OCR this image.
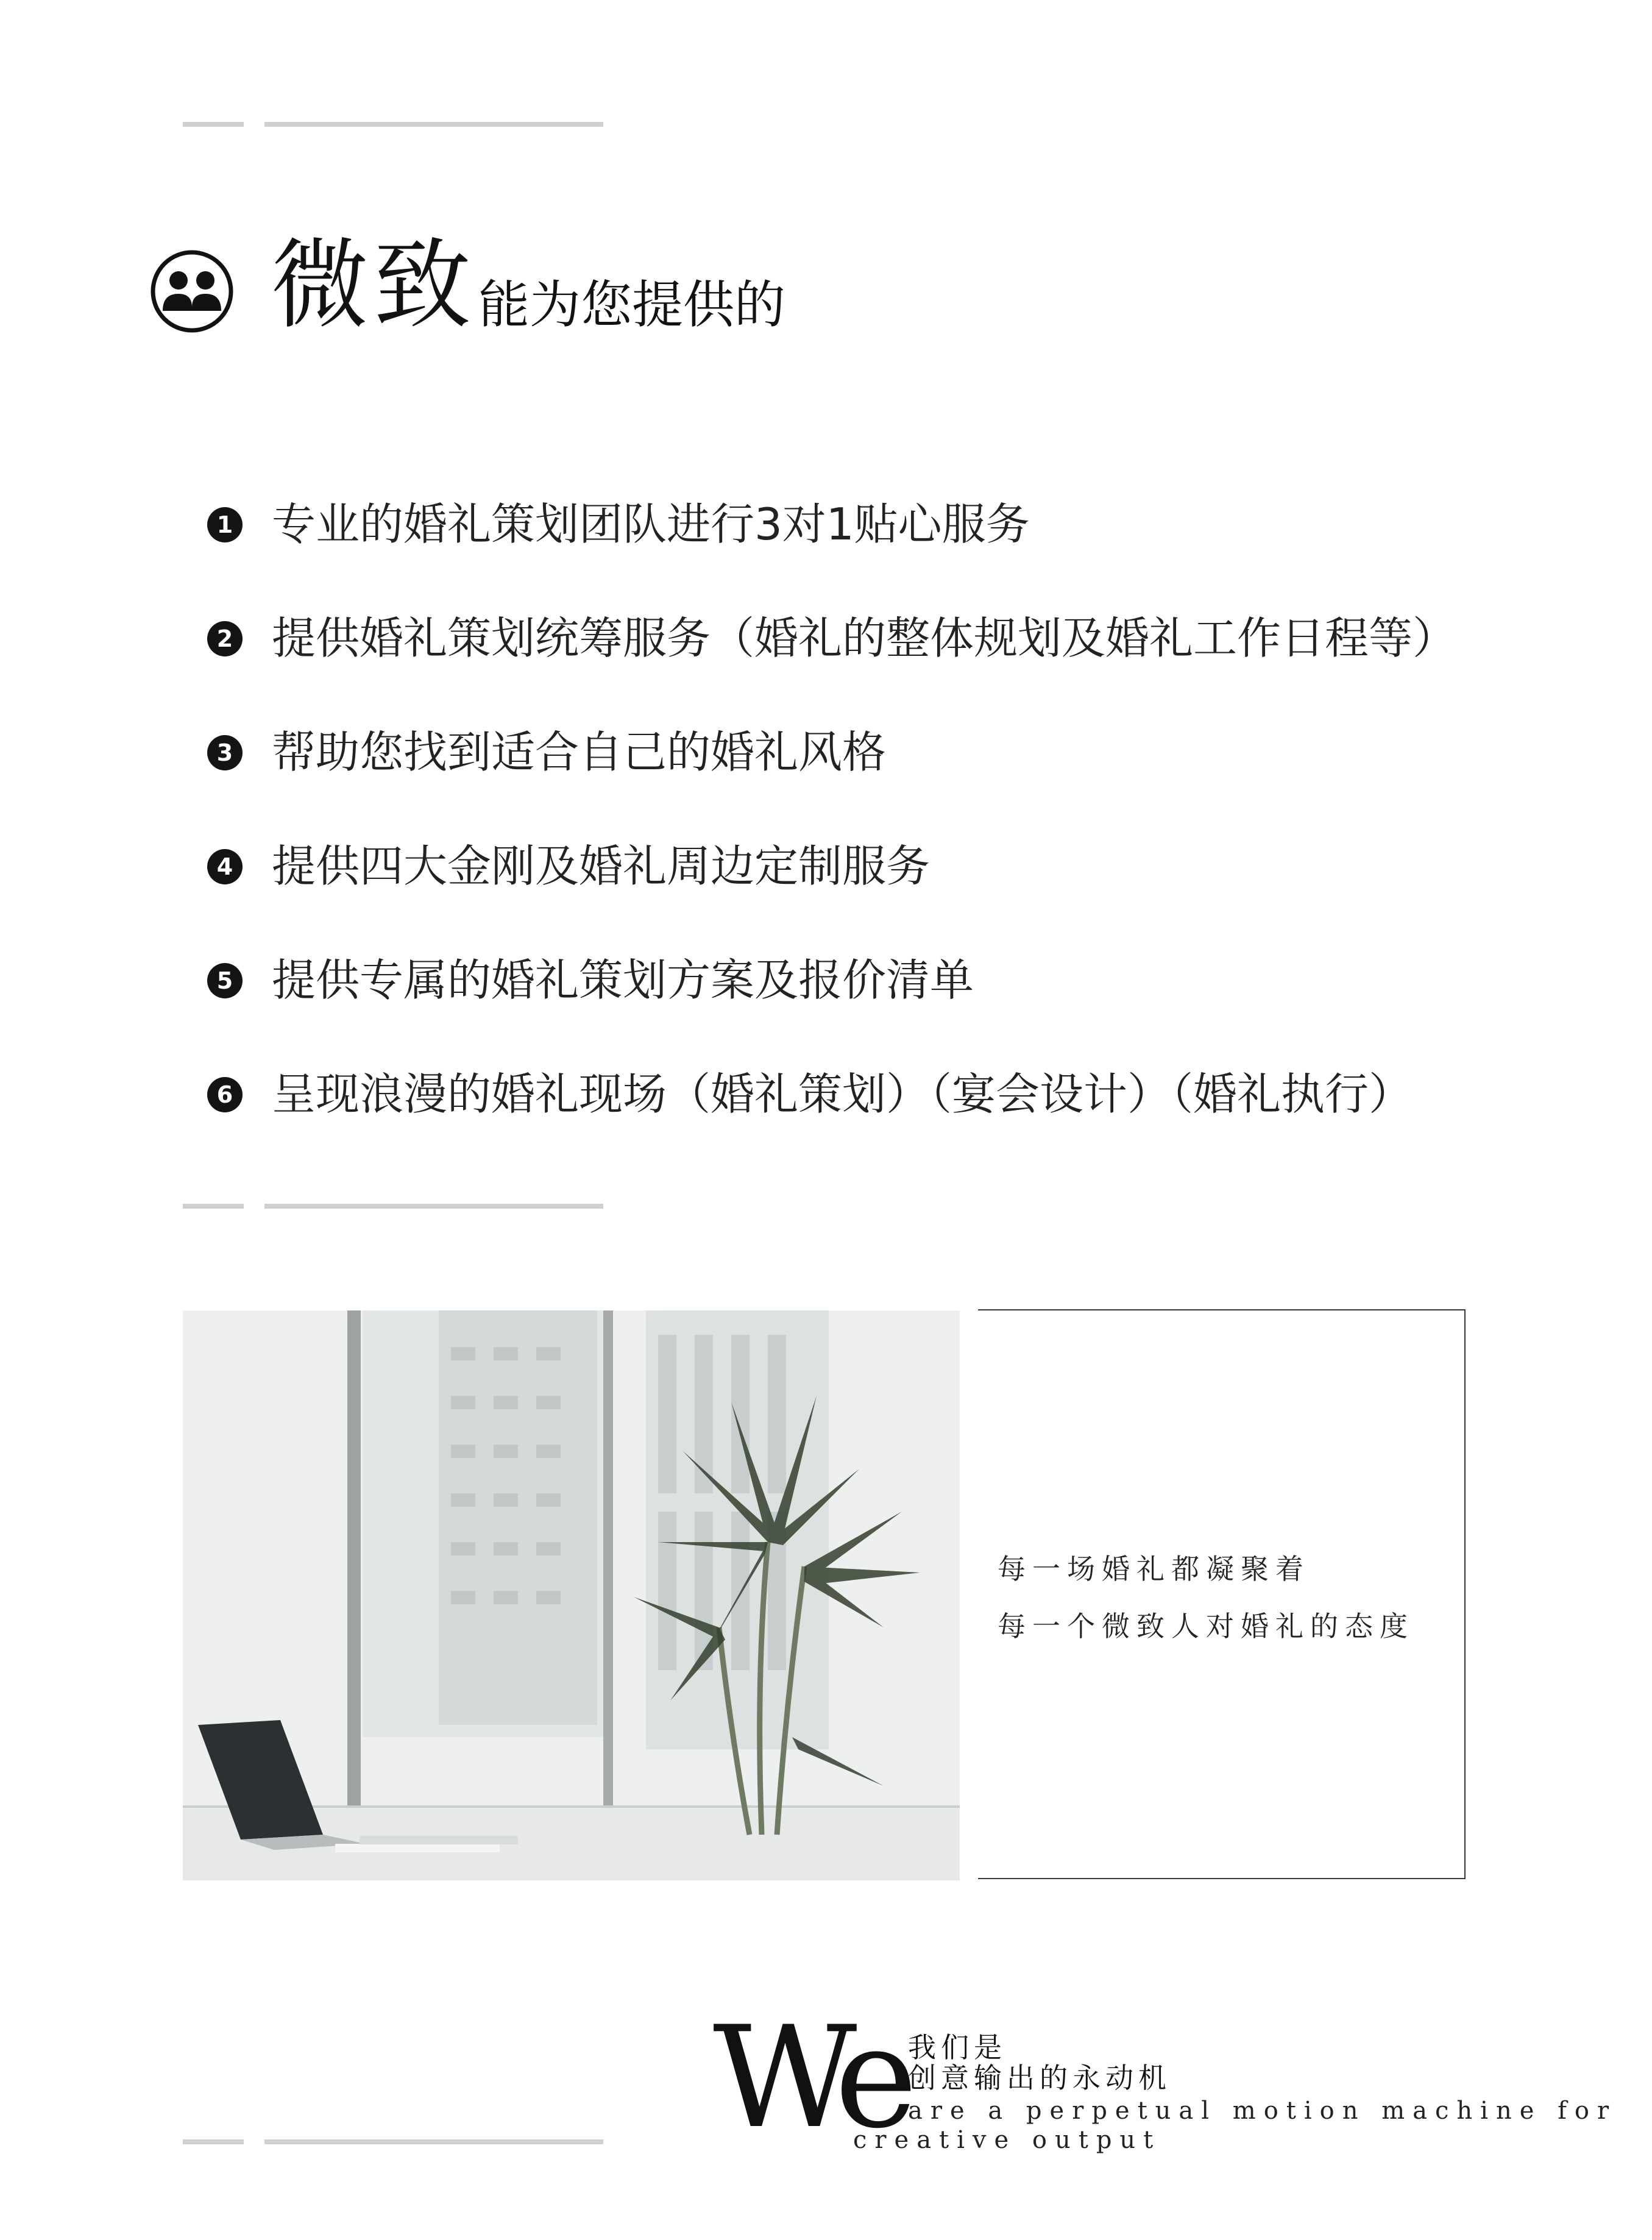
微致 能为您提供的
1 专业的婚礼策划团队进行3对1贴心服务
2 提供婚礼策划统筹服务（婚礼的整体规划及婚礼工作日程等）
3 帮助您找到适合自己的婚礼风格
4 提供四大金刚及婚礼周边定制服务
5 提供专属的婚礼策划方案及报价清单
6 呈现浪漫的婚礼现场（婚礼策划）（宴会设计）（婚礼执行）
每一场婚礼都凝聚着
每一个微致人对婚礼的态度
We 我们是
创意输出的永动机
are a perpetual motion machine for
creative output
